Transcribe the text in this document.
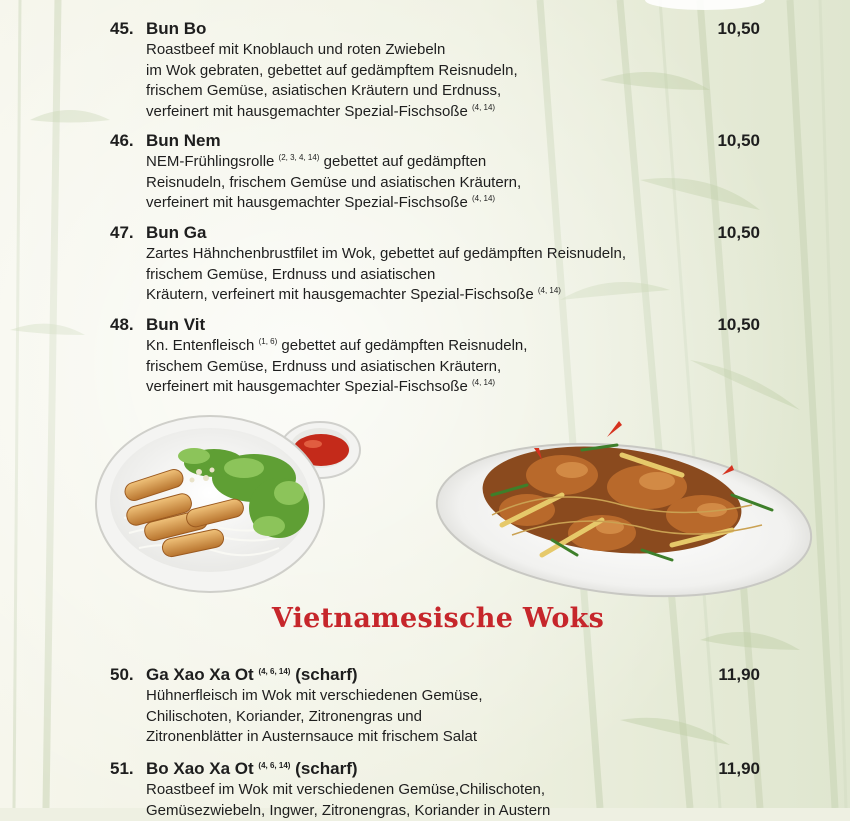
45. Bun Bo	10,50
Roastbeef mit Knoblauch und roten Zwiebeln
im Wok gebraten, gebettet auf gedämpftem Reisnudeln,
frischem Gemüse, asiatischen Kräutern und Erdnuss,
verfeinert mit hausgemachter Spezial-Fischsoße $^{(4, 14)}$
46. Bun Nem	10,50
NEM-Frühlingsrolle $^{(2, 3, 4, 14)}$ gebettet auf gedämpften
Reisnudeln, frischem Gemüse und asiatischen Kräutern,
verfeinert mit hausgemachter Spezial-Fischsoße $^{(4, 14)}$
47. Bun Ga	10,50
Zartes Hähnchenbrustfilet im Wok, gebettet auf gedämpften Reisnudeln,
frischem Gemüse, Erdnuss und asiatischen
Kräutern, verfeinert mit hausgemachter Spezial-Fischsoße $^{(4, 14)}$
48. Bun Vit	10,50
Kn. Entenfleisch $^{(1, 6)}$ gebettet auf gedämpften Reisnudeln,
frischem Gemüse, Erdnuss und asiatischen Kräutern,
verfeinert mit hausgemachter Spezial-Fischsoße $^{(4, 14)}$
Vietnamesische Woks
50. Ga Xao Xa Ot $^{(4, 6, 14)}$ (scharf)	11,90
Hühnerfleisch im Wok mit verschiedenen Gemüse,
Chilischoten, Koriander, Zitronengras und
Zitronenblätter in Austernsauce mit frischem Salat
51. Bo Xao Xa Ot $^{(4, 6, 14)}$ (scharf)	11,90
Roastbeef im Wok mit verschiedenen Gemüse,Chilischoten,
Gemüsezwiebeln, Ingwer, Zitronengras, Koriander in Austern
